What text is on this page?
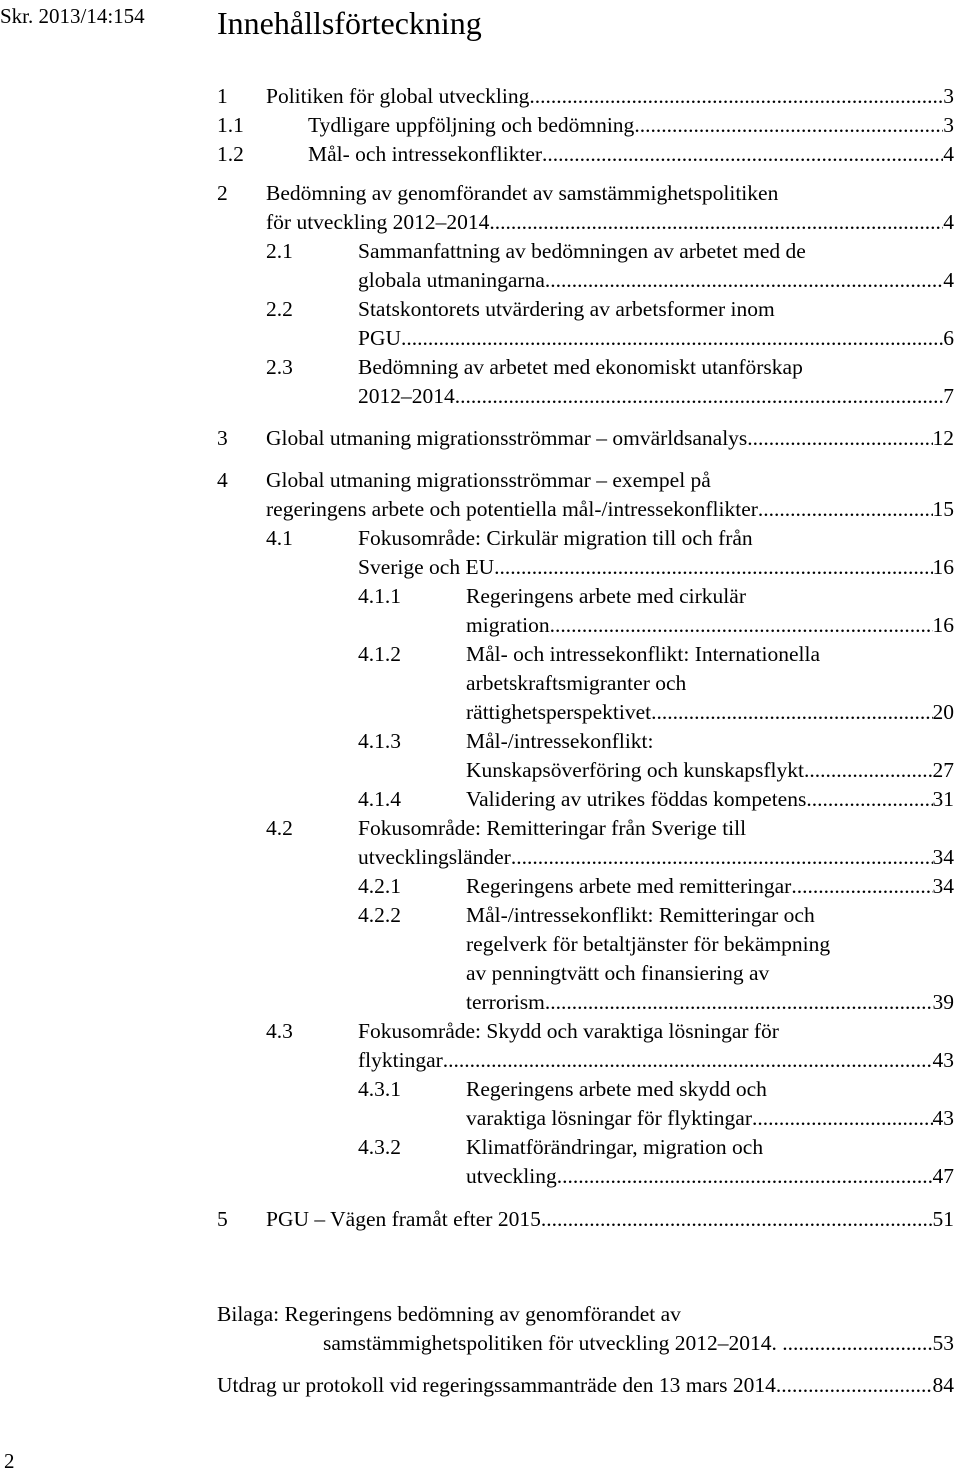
Skr. 2013/14:154 Innehållsförteckning
1 Politiken för global utveckling .....	3
1.1	Tydligare uppföljning och bedömning .....	3
1.2	Mål- och intressekonflikter .....	4
2 Bedömning av genomförandet av samstämmighetspolitiken
för utveckling 2012–2014 .....	4
2.1	Sammanfattning av bedömningen av arbetet med de
globala utmaningarna .....	4
2.2	Statskontorets utvärdering av arbetsformer inom
PGU .....	6
2.3	Bedömning av arbetet med ekonomiskt utanförskap
2012–2014 .....	7
3 Global utmaning migrationsströmmar – omvärldsanalys .....	12
4 Global utmaning migrationsströmmar – exempel på
regeringens arbete och potentiella mål-/intressekonflikter .....	15
4.1	Fokusområde: Cirkulär migration till och från
Sverige och EU .....	16
4.1.1	Regeringens arbete med cirkulär
migration .....	16
4.1.2	Mål- och intressekonflikt: Internationella
arbetskraftsmigranter och
rättighetsperspektivet .....	20
4.1.3	Mål-/intressekonflikt:
Kunskapsöverföring och kunskapsflykt .....	27
4.1.4	Validering av utrikes föddas kompetens .....	31
4.2	Fokusområde: Remitteringar från Sverige till
utvecklingsländer .....	34
4.2.1	Regeringens arbete med remitteringar .....	34
4.2.2	Mål-/intressekonflikt: Remitteringar och
regelverk för betaltjänster för bekämpning
av penningtvätt och finansiering av
terrorism .....	39
4.3	Fokusområde: Skydd och varaktiga lösningar för
flyktingar .....	43
4.3.1	Regeringens arbete med skydd och
varaktiga lösningar för flyktingar .....	43
4.3.2	Klimatförändringar, migration och
utveckling .....	47
5 PGU – Vägen framåt efter 2015 .....	51
Bilaga: Regeringens bedömning av genomförandet av
samstämmighetspolitiken för utveckling 2012–2014. . .....	53
Utdrag ur protokoll vid regeringssammanträde den 13 mars 2014 .....	84
2
